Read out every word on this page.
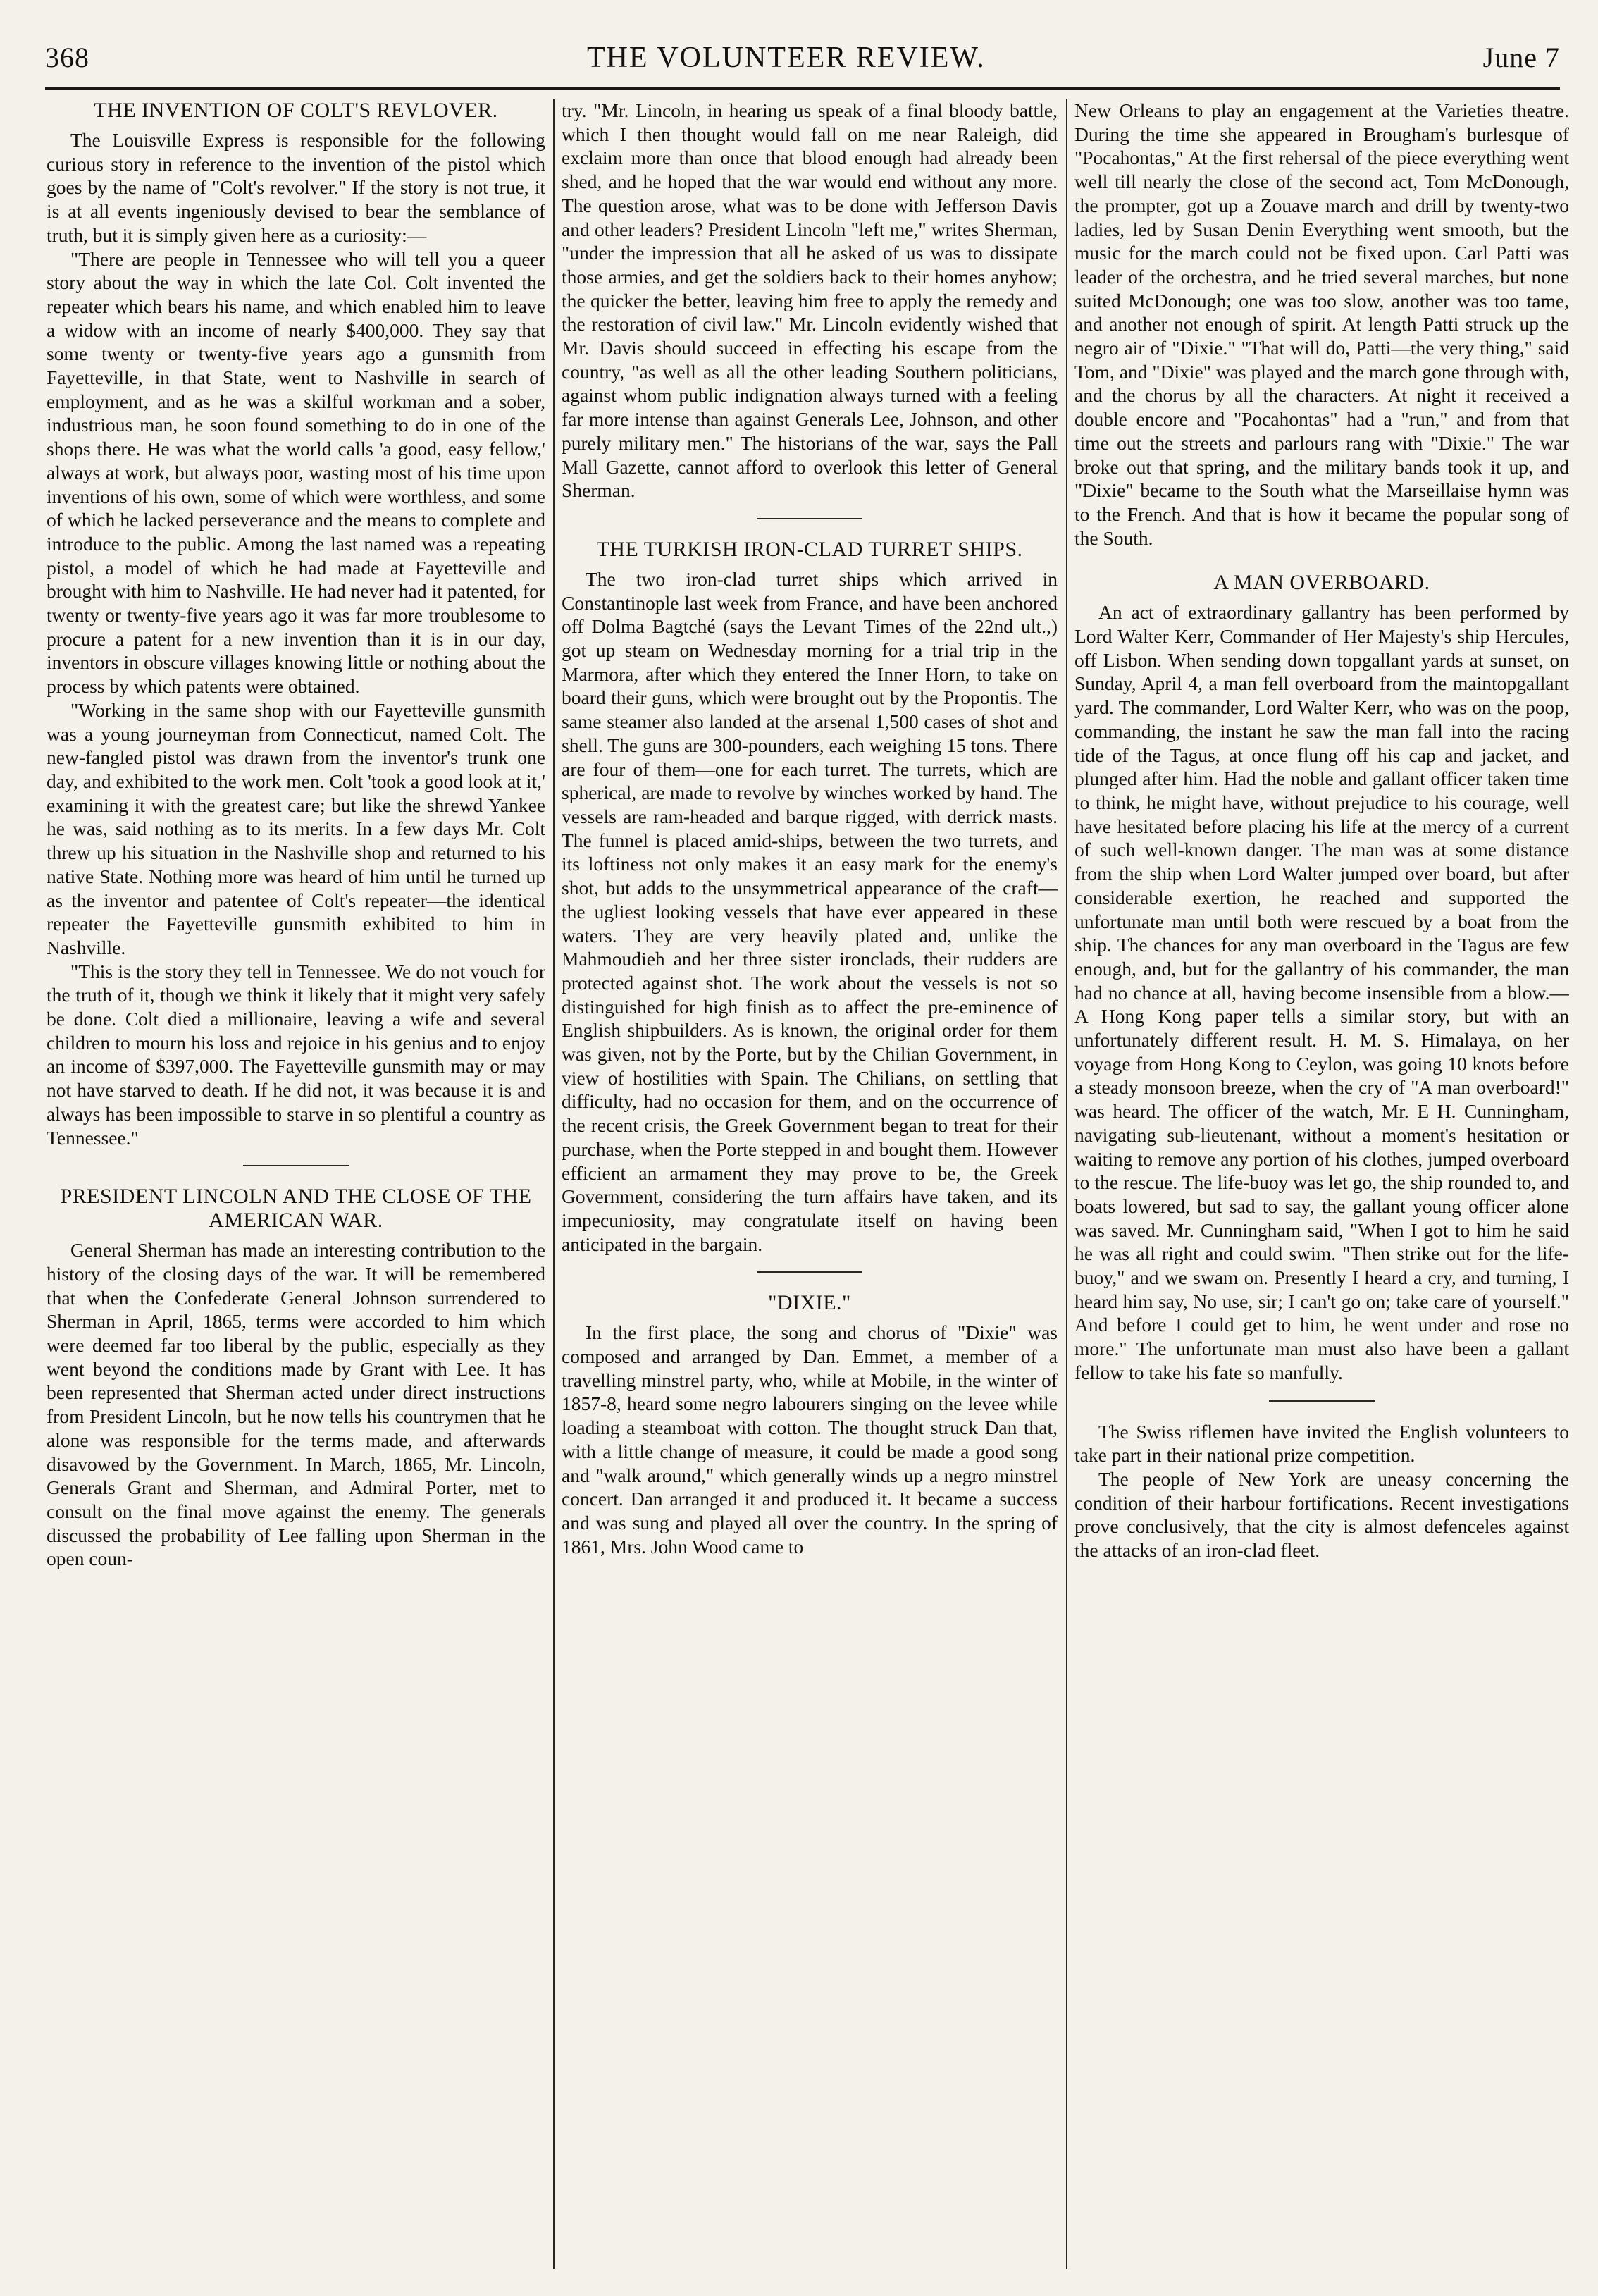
368	THE VOLUNTEER REVIEW.	June 7
THE INVENTION OF COLT'S REVLOVER.

The Louisville Express is responsible for the following curious story in reference to the invention of the pistol which goes by the name of "Colt's revolver." If the story is not true, it is at all events ingeniously devised to bear the semblance of truth, but it is simply given here as a curiosity:—

"There are people in Tennessee who will tell you a queer story about the way in which the late Col. Colt invented the repeater which bears his name, and which enabled him to leave a widow with an income of nearly $400,000. They say that some twenty or twenty-five years ago a gunsmith from Fayetteville, in that State, went to Nashville in search of employment, and as he was a skilful workman and a sober, industrious man, he soon found something to do in one of the shops there. He was what the world calls 'a good, easy fellow,' always at work, but always poor, wasting most of his time upon inventions of his own, some of which were worthless, and some of which he lacked perseverance and the means to complete and introduce to the public. Among the last named was a repeating pistol, a model of which he had made at Fayetteville and brought with him to Nashville. He had never had it patented, for twenty or twenty-five years ago it was far more troublesome to procure a patent for a new invention than it is in our day, inventors in obscure villages knowing little or nothing about the process by which patents were obtained.

"Working in the same shop with our Fayetteville gunsmith was a young journeyman from Connecticut, named Colt. The new-fangled pistol was drawn from the inventor's trunk one day, and exhibited to the work men. Colt 'took a good look at it,' examining it with the greatest care; but like the shrewd Yankee he was, said nothing as to its merits. In a few days Mr. Colt threw up his situation in the Nashville shop and returned to his native State. Nothing more was heard of him until he turned up as the inventor and patentee of Colt's repeater—the identical repeater the Fayetteville gunsmith exhibited to him in Nashville.

"This is the story they tell in Tennessee. We do not vouch for the truth of it, though we think it likely that it might very safely be done. Colt died a millionaire, leaving a wife and several children to mourn his loss and rejoice in his genius and to enjoy an income of $397,000. The Fayetteville gunsmith may or may not have starved to death. If he did not, it was because it is and always has been impossible to starve in so plentiful a country as Tennessee."

PRESIDENT LINCOLN AND THE CLOSE OF THE AMERICAN WAR.

General Sherman has made an interesting contribution to the history of the closing days of the war. It will be remembered that when the Confederate General Johnson surrendered to Sherman in April, 1865, terms were accorded to him which were deemed far too liberal by the public, especially as they went beyond the conditions made by Grant with Lee. It has been represented that Sherman acted under direct instructions from President Lincoln, but he now tells his countrymen that he alone was responsible for the terms made, and afterwards disavowed by the Government. In March, 1865, Mr. Lincoln, Generals Grant and Sherman, and Admiral Porter, met to consult on the final move against the enemy. The generals discussed the probability of Lee falling upon Sherman in the open coun-

try. "Mr. Lincoln, in hearing us speak of a final bloody battle, which I then thought would fall on me near Raleigh, did exclaim more than once that blood enough had already been shed, and he hoped that the war would end without any more. The question arose, what was to be done with Jefferson Davis and other leaders? President Lincoln "left me," writes Sherman, "under the impression that all he asked of us was to dissipate those armies, and get the soldiers back to their homes anyhow; the quicker the better, leaving him free to apply the remedy and the restoration of civil law." Mr. Lincoln evidently wished that Mr. Davis should succeed in effecting his escape from the country, "as well as all the other leading Southern politicians, against whom public indignation always turned with a feeling far more intense than against Generals Lee, Johnson, and other purely military men." The historians of the war, says the Pall Mall Gazette, cannot afford to overlook this letter of General Sherman.

THE TURKISH IRON-CLAD TURRET SHIPS.

The two iron-clad turret ships which arrived in Constantinople last week from France, and have been anchored off Dolma Bagtché (says the Levant Times of the 22nd ult.,) got up steam on Wednesday morning for a trial trip in the Marmora, after which they entered the Inner Horn, to take on board their guns, which were brought out by the Propontis. The same steamer also landed at the arsenal 1,500 cases of shot and shell. The guns are 300-pounders, each weighing 15 tons. There are four of them—one for each turret. The turrets, which are spherical, are made to revolve by winches worked by hand. The vessels are ram-headed and barque rigged, with derrick masts. The funnel is placed amid-ships, between the two turrets, and its loftiness not only makes it an easy mark for the enemy's shot, but adds to the unsymmetrical appearance of the craft—the ugliest looking vessels that have ever appeared in these waters. They are very heavily plated and, unlike the Mahmoudieh and her three sister ironclads, their rudders are protected against shot. The work about the vessels is not so distinguished for high finish as to affect the pre-eminence of English shipbuilders. As is known, the original order for them was given, not by the Porte, but by the Chilian Government, in view of hostilities with Spain. The Chilians, on settling that difficulty, had no occasion for them, and on the occurrence of the recent crisis, the Greek Government began to treat for their purchase, when the Porte stepped in and bought them. However efficient an armament they may prove to be, the Greek Government, considering the turn affairs have taken, and its impecuniosity, may congratulate itself on having been anticipated in the bargain.

"DIXIE."

In the first place, the song and chorus of "Dixie" was composed and arranged by Dan. Emmet, a member of a travelling minstrel party, who, while at Mobile, in the winter of 1857-8, heard some negro labourers singing on the levee while loading a steamboat with cotton. The thought struck Dan that, with a little change of measure, it could be made a good song and "walk around," which generally winds up a negro minstrel concert. Dan arranged it and produced it. It became a success and was sung and played all over the country. In the spring of 1861, Mrs. John Wood came to

New Orleans to play an engagement at the Varieties theatre. During the time she appeared in Brougham's burlesque of "Pocahontas," At the first rehersal of the piece everything went well till nearly the close of the second act, Tom McDonough, the prompter, got up a Zouave march and drill by twenty-two ladies, led by Susan Denin Everything went smooth, but the music for the march could not be fixed upon. Carl Patti was leader of the orchestra, and he tried several marches, but none suited McDonough; one was too slow, another was too tame, and another not enough of spirit. At length Patti struck up the negro air of "Dixie." "That will do, Patti—the very thing," said Tom, and "Dixie" was played and the march gone through with, and the chorus by all the characters. At night it received a double encore and "Pocahontas" had a "run," and from that time out the streets and parlours rang with "Dixie." The war broke out that spring, and the military bands took it up, and "Dixie" became to the South what the Marseillaise hymn was to the French. And that is how it became the popular song of the South.

A MAN OVERBOARD.

An act of extraordinary gallantry has been performed by Lord Walter Kerr, Commander of Her Majesty's ship Hercules, off Lisbon. When sending down topgallant yards at sunset, on Sunday, April 4, a man fell overboard from the maintopgallant yard. The commander, Lord Walter Kerr, who was on the poop, commanding, the instant he saw the man fall into the racing tide of the Tagus, at once flung off his cap and jacket, and plunged after him. Had the noble and gallant officer taken time to think, he might have, without prejudice to his courage, well have hesitated before placing his life at the mercy of a current of such well-known danger. The man was at some distance from the ship when Lord Walter jumped over board, but after considerable exertion, he reached and supported the unfortunate man until both were rescued by a boat from the ship. The chances for any man overboard in the Tagus are few enough, and, but for the gallantry of his commander, the man had no chance at all, having become insensible from a blow.—A Hong Kong paper tells a similar story, but with an unfortunately different result. H. M. S. Himalaya, on her voyage from Hong Kong to Ceylon, was going 10 knots before a steady monsoon breeze, when the cry of "A man overboard!" was heard. The officer of the watch, Mr. E H. Cunningham, navigating sub-lieutenant, without a moment's hesitation or waiting to remove any portion of his clothes, jumped overboard to the rescue. The life-buoy was let go, the ship rounded to, and boats lowered, but sad to say, the gallant young officer alone was saved. Mr. Cunningham said, "When I got to him he said he was all right and could swim. "Then strike out for the life-buoy," and we swam on. Presently I heard a cry, and turning, I heard him say, No use, sir; I can't go on; take care of yourself." And before I could get to him, he went under and rose no more." The unfortunate man must also have been a gallant fellow to take his fate so manfully.

The Swiss riflemen have invited the English volunteers to take part in their national prize competition.

The people of New York are uneasy concerning the condition of their harbour fortifications. Recent investigations prove conclusively, that the city is almost defenceles against the attacks of an iron-clad fleet.
